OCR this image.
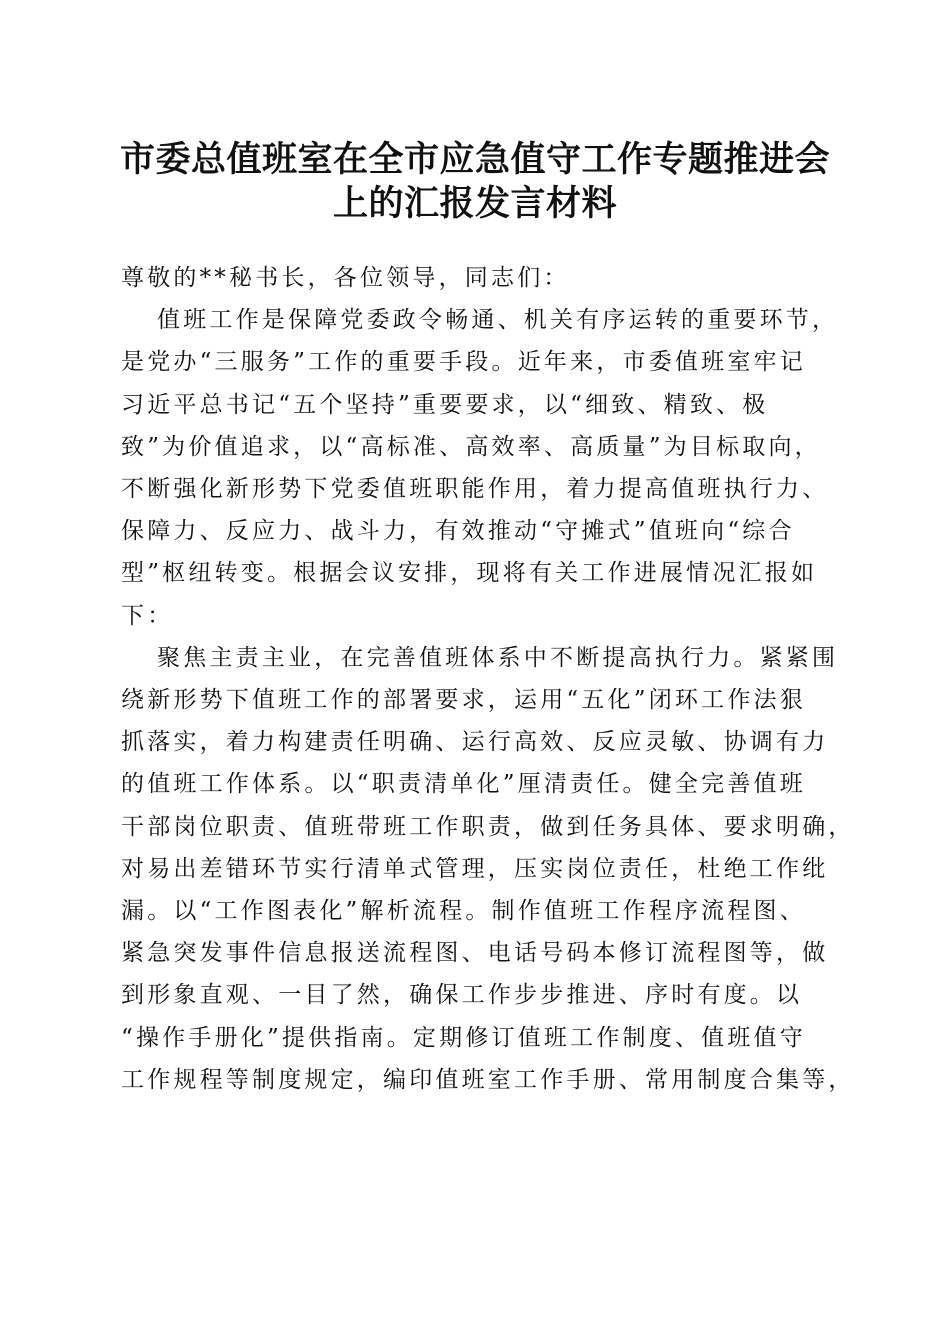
市委总值班室在全市应急值守工作专题推进会
上的汇报发言材料
尊敬的**秘书长，各位领导，同志们：
值班工作是保障党委政令畅通、机关有序运转的重要环节，
是党办“三服务”工作的重要手段。近年来，市委值班室牢记
习近平总书记“五个坚持”重要要求，以“细致、精致、极
致”为价值追求，以“高标准、高效率、高质量”为目标取向，
不断强化新形势下党委值班职能作用，着力提高值班执行力、
保障力、反应力、战斗力，有效推动“守摊式”值班向“综合
型”枢纽转变。根据会议安排，现将有关工作进展情况汇报如
下：
聚焦主责主业，在完善值班体系中不断提高执行力。紧紧围
绕新形势下值班工作的部署要求，运用“五化”闭环工作法狠
抓落实，着力构建责任明确、运行高效、反应灵敏、协调有力
的值班工作体系。以“职责清单化”厘清责任。健全完善值班
干部岗位职责、值班带班工作职责，做到任务具体、要求明确，
对易出差错环节实行清单式管理，压实岗位责任，杜绝工作纰
漏。以“工作图表化”解析流程。制作值班工作程序流程图、
紧急突发事件信息报送流程图、电话号码本修订流程图等，做
到形象直观、一目了然，确保工作步步推进、序时有度。以
“操作手册化”提供指南。定期修订值班工作制度、值班值守
工作规程等制度规定，编印值班室工作手册、常用制度合集等，
